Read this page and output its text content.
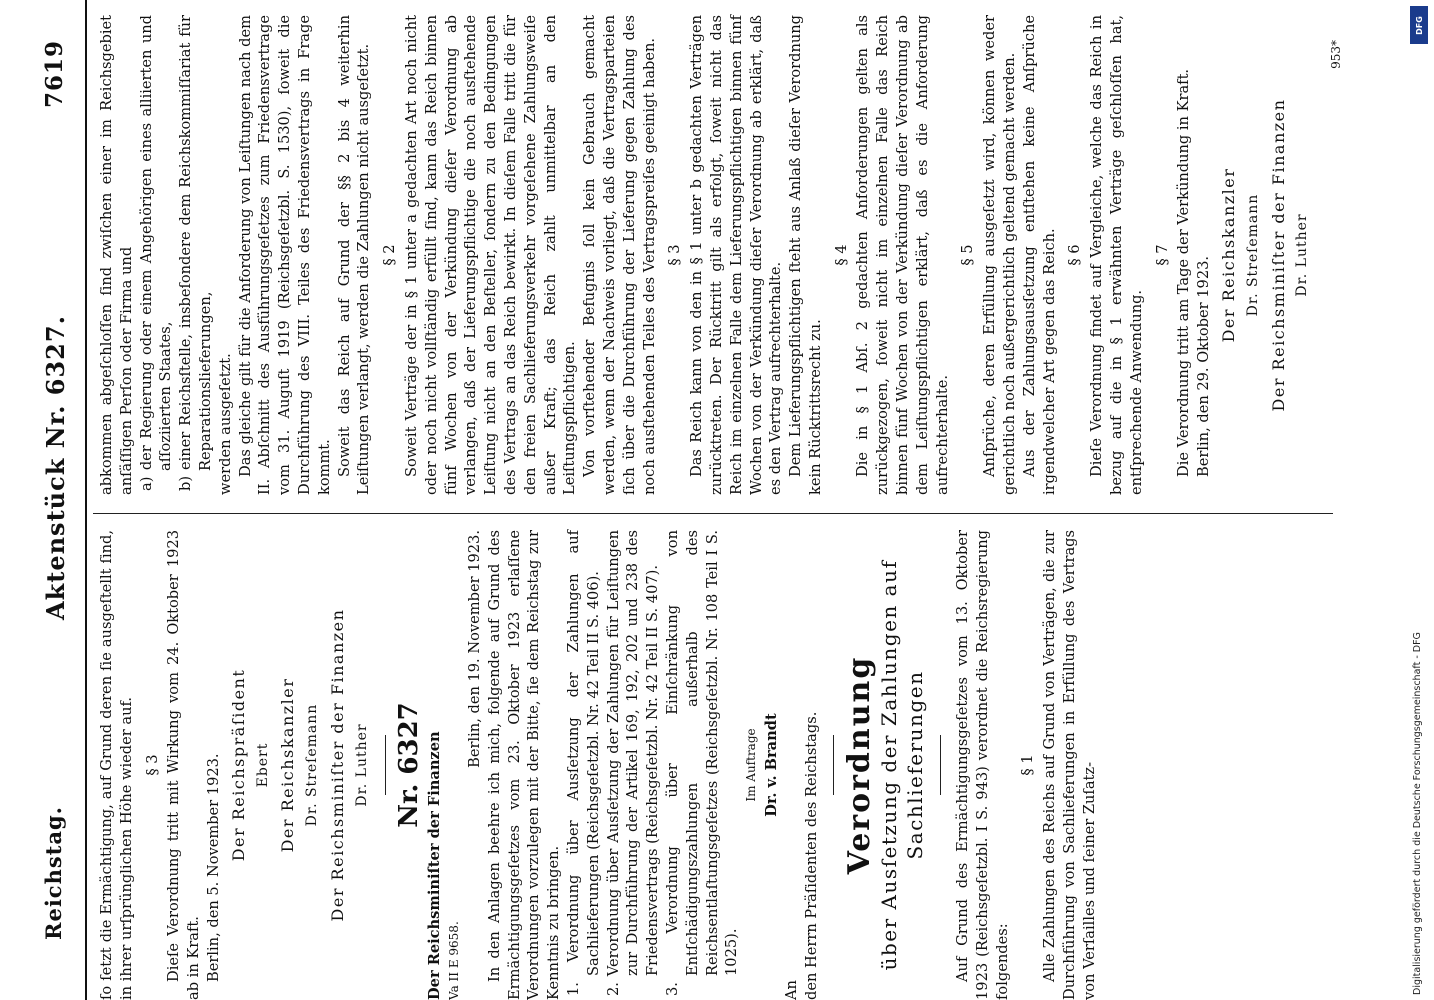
Reichstag.
Aktenstück Nr. 6327.
7619

ſo ſetzt die Ermächtigung, auf Grund deren ſie ausgeſtellt ſind, in ihrer urſprünglichen Höhe wieder auf. § 3 Dieſe Verordnung tritt mit Wirkung vom 24. Oktober 1923 ab in Kraft. Berlin, den 5. November 1923. Der Reichspräſident Ebert Der Reichskanzler Dr. Streſemann Der Reichsminiſter der Finanzen Dr. Luther Nr. 6327 Der Reichsminiſter der Finanzen Va II E 9658.

Berlin, den 19. November 1923. In den Anlagen beehre ich mich, folgende auf Grund des Ermächtigungsgeſetzes vom 23. Oktober 1923 erlaſſene Verordnungen vorzulegen mit der Bitte, ſie dem Reichstag zur Kenntnis zu bringen. 1. Verordnung über Ausſetzung der Zahlungen auf Sachlieferungen (Reichsgeſetzbl. Nr. 42 Teil II S. 406). 2. Verordnung über Ausſetzung der Zahlungen für Leiſtungen zur Durchführung der Artikel 169, 192, 202 und 238 des Friedensvertrags (Reichsgeſetzbl. Nr. 42 Teil II S. 407). 3. Verordnung über Einſchränkung von Entſchädigungszahlungen außerhalb des Reichsentlaſtungsgeſetzes (Reichsgeſetzbl. Nr. 108 Teil I S. 1025).

Im Auftrage Dr. v. Brandt

An den Herrn Präſidenten des Reichstags. Verordnung über Ausſetzung der Zahlungen auf Sachlieferungen Auf Grund des Ermächtigungsgeſetzes vom 13. Oktober 1923 (Reichsgeſetzbl. I S. 943) verordnet die Reichsregierung folgendes:

§ 1 Alle Zahlungen des Reichs auf Grund von Verträgen, die zur Durchführung von Sachlieferungen in Erfüllung des Vertrags von Verſailles und ſeiner Zuſatz-

abkommen abgeſchloſſen ſind zwiſchen einer im Reichsgebiet anſäſſigen Perſon oder Firma und a) der Regierung oder einem Angehörigen eines alliierten und aſſoziierten Staates, b) einer Reichsſtelle, insbeſondere dem Reichskommiſſariat für Reparationslieferungen, werden ausgeſetzt. Das gleiche gilt für die Anforderung von Leiſtungen nach dem II. Abſchnitt des Ausführungsgeſetzes zum Friedensvertrage vom 31. Auguſt 1919 (Reichsgeſetzbl. S. 1530), ſoweit die Durchführung des VIII. Teiles des Friedensvertrags in Frage kommt. Soweit das Reich auf Grund der §§ 2 bis 4 weiterhin Leiſtungen verlangt, werden die Zahlungen nicht ausgeſetzt. § 2 Soweit Verträge der in § 1 unter a gedachten Art noch nicht oder noch nicht vollſtändig erfüllt ſind, kann das Reich binnen fünf Wochen von der Verkündung dieſer Verordnung ab verlangen, daß der Lieferungspflichtige die noch ausſtehende Leiſtung nicht an den Beſteller, ſondern zu den Bedingungen des Vertrags an das Reich bewirkt. In dieſem Falle tritt die für den freien Sachlieferungsverkehr vorgeſehene Zahlungsweiſe außer Kraft; das Reich zahlt unmittelbar an den Leiſtungspflichtigen. Von vorſtehender Befugnis ſoll kein Gebrauch gemacht werden, wenn der Nachweis vorliegt, daß die Vertragsparteien ſich über die Durchführung der Lieferung gegen Zahlung des noch ausſtehenden Teiles des Vertragspreiſes geeinigt haben. § 3 Das Reich kann von den in § 1 unter b gedachten Verträgen zurücktreten. Der Rücktritt gilt als erfolgt, ſoweit nicht das Reich im einzelnen Falle dem Lieferungspflichtigen binnen fünf Wochen von der Verkündung dieſer Verordnung ab erklärt, daß es den Vertrag aufrechterhalte. Dem Lieferungspflichtigen ſteht aus Anlaß dieſer Verordnung kein Rücktrittsrecht zu.

§ 4 Die in § 1 Abſ. 2 gedachten Anforderungen gelten als zurückgezogen, ſoweit nicht im einzelnen Falle das Reich binnen fünf Wochen von der Verkündung dieſer Verordnung ab dem Leiſtungspflichtigen erklärt, daß es die Anforderung aufrechterhalte.

§ 5 Anſprüche, deren Erfüllung ausgeſetzt wird, können weder gerichtlich noch außergerichtlich geltend gemacht werden. Aus der Zahlungsausſetzung entſtehen keine Anſprüche irgendwelcher Art gegen das Reich. § 6 Dieſe Verordnung findet auf Vergleiche, welche das Reich in bezug auf die in § 1 erwähnten Verträge geſchloſſen hat, entſprechende Anwendung.

§ 7 Die Verordnung tritt am Tage der Verkündung in Kraft. Berlin, den 29. Oktober 1923.

Der Reichskanzler Dr. Streſemann Der Reichsminiſter der Finanzen Dr. Luther

953*
DFG
Digitalisierung gefördert durch die Deutsche Forschungsgemeinschaft - DFG
